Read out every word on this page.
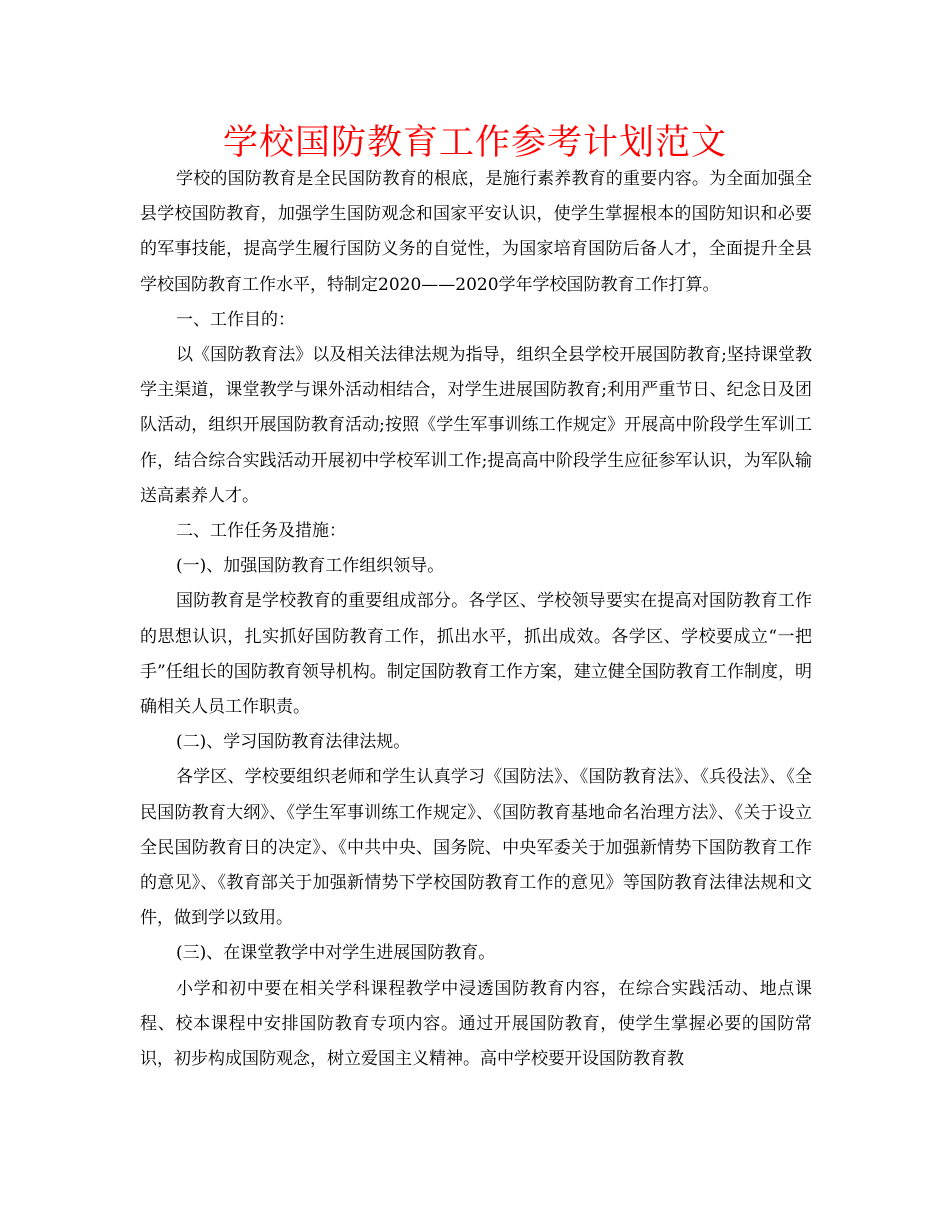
学校国防教育工作参考计划范文

学校的国防教育是全民国防教育的根底，是施行素养教育的重要内容。为全面加强全县学校国防教育，加强学生国防观念和国家平安认识，使学生掌握根本的国防知识和必要的军事技能，提高学生履行国防义务的自觉性，为国家培育国防后备人才，全面提升全县学校国防教育工作水平，特制定2020——2020学年学校国防教育工作打算。

一、工作目的：

以《国防教育法》以及相关法律法规为指导，组织全县学校开展国防教育;坚持课堂教学主渠道，课堂教学与课外活动相结合，对学生进展国防教育;利用严重节日、纪念日及团队活动，组织开展国防教育活动;按照《学生军事训练工作规定》开展高中阶段学生军训工作，结合综合实践活动开展初中学校军训工作;提高高中阶段学生应征参军认识，为军队输送高素养人才。

二、工作任务及措施：

(一)、加强国防教育工作组织领导。

国防教育是学校教育的重要组成部分。各学区、学校领导要实在提高对国防教育工作的思想认识，扎实抓好国防教育工作，抓出水平，抓出成效。各学区、学校要成立“一把手”任组长的国防教育领导机构。制定国防教育工作方案，建立健全国防教育工作制度，明确相关人员工作职责。

(二)、学习国防教育法律法规。

各学区、学校要组织老师和学生认真学习《国防法》、《国防教育法》、《兵役法》、《全民国防教育大纲》、《学生军事训练工作规定》、《国防教育基地命名治理方法》、《关于设立全民国防教育日的决定》、《中共中央、国务院、中央军委关于加强新情势下国防教育工作的意见》、《教育部关于加强新情势下学校国防教育工作的意见》等国防教育法律法规和文件，做到学以致用。

(三)、在课堂教学中对学生进展国防教育。

小学和初中要在相关学科课程教学中浸透国防教育内容，在综合实践活动、地点课程、校本课程中安排国防教育专项内容。通过开展国防教育，使学生掌握必要的国防常识，初步构成国防观念，树立爱国主义精神。高中学校要开设国防教育教
